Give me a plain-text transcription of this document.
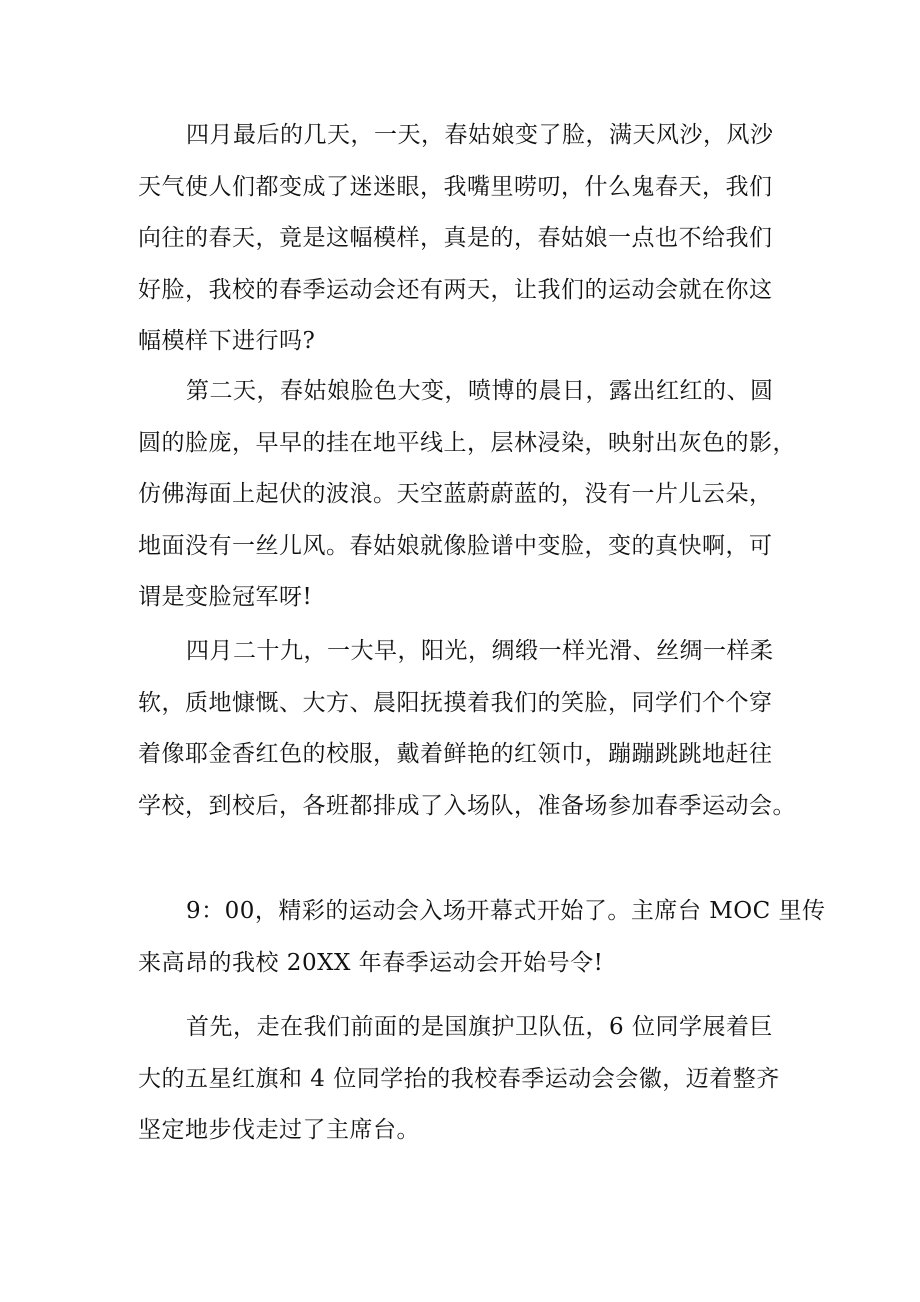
四月最后的几天，一天，春姑娘变了脸，满天风沙，风沙
天气使人们都变成了迷迷眼，我嘴里唠叨，什么鬼春天，我们
向往的春天，竟是这幅模样，真是的，春姑娘一点也不给我们
好脸，我校的春季运动会还有两天，让我们的运动会就在你这
幅模样下进行吗?
第二天，春姑娘脸色大变，喷博的晨日，露出红红的、圆
圆的脸庞，早早的挂在地平线上，层林浸染，映射出灰色的影，
仿佛海面上起伏的波浪。天空蓝蔚蔚蓝的，没有一片儿云朵，
地面没有一丝儿风。春姑娘就像脸谱中变脸，变的真快啊，可
谓是变脸冠军呀!
四月二十九，一大早，阳光，绸缎一样光滑、丝绸一样柔
软，质地慷慨、大方、晨阳抚摸着我们的笑脸，同学们个个穿
着像耶金香红色的校服，戴着鲜艳的红领巾，蹦蹦跳跳地赶往
学校，到校后，各班都排成了入场队，准备场参加春季运动会。
9：00，精彩的运动会入场开幕式开始了。主席台 MOC 里传
来高昂的我校 20XX 年春季运动会开始号令!
首先，走在我们前面的是国旗护卫队伍，6 位同学展着巨
大的五星红旗和 4 位同学抬的我校春季运动会会徽，迈着整齐
坚定地步伐走过了主席台。
